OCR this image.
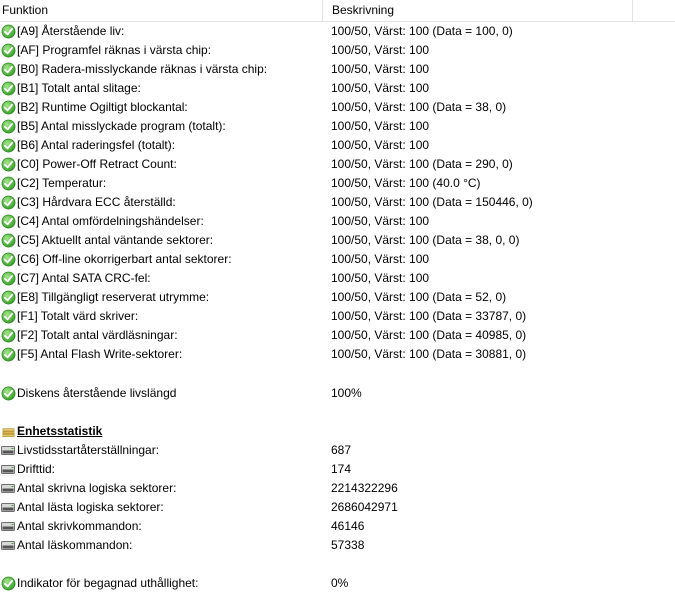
Funktion	Beskrivning
[A9] Återstående liv:	100/50, Värst: 100 (Data = 100, 0)
[AF] Programfel räknas i värsta chip:	100/50, Värst: 100
[B0] Radera-misslyckande räknas i värsta chip:	100/50, Värst: 100
[B1] Totalt antal slitage:	100/50, Värst: 100
[B2] Runtime Ogiltigt blockantal:	100/50, Värst: 100 (Data = 38, 0)
[B5] Antal misslyckade program (totalt):	100/50, Värst: 100
[B6] Antal raderingsfel (totalt):	100/50, Värst: 100
[C0] Power-Off Retract Count:	100/50, Värst: 100 (Data = 290, 0)
[C2] Temperatur:	100/50, Värst: 100 (40.0 °C)
[C3] Hårdvara ECC återställd:	100/50, Värst: 100 (Data = 150446, 0)
[C4] Antal omfördelningshändelser:	100/50, Värst: 100
[C5] Aktuellt antal väntande sektorer:	100/50, Värst: 100 (Data = 38, 0, 0)
[C6] Off-line okorrigerbart antal sektorer:	100/50, Värst: 100
[C7] Antal SATA CRC-fel:	100/50, Värst: 100
[E8] Tillgängligt reserverat utrymme:	100/50, Värst: 100 (Data = 52, 0)
[F1] Totalt värd skriver:	100/50, Värst: 100 (Data = 33787, 0)
[F2] Totalt antal värdläsningar:	100/50, Värst: 100 (Data = 40985, 0)
[F5] Antal Flash Write-sektorer:	100/50, Värst: 100 (Data = 30881, 0)
Diskens återstående livslängd	100%
Enhetsstatistik
Livstidsstartåterställningar:	687
Drifttid:	174
Antal skrivna logiska sektorer:	2214322296
Antal lästa logiska sektorer:	2686042971
Antal skrivkommandon:	46146
Antal läskommandon:	57338
Indikator för begagnad uthållighet:	0%
